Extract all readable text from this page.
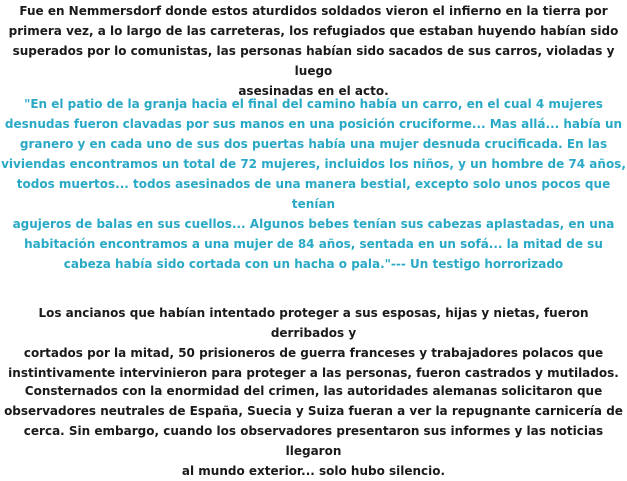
Fue en Nemmersdorf donde estos aturdidos soldados vieron el infierno en la tierra por
primera vez, a lo largo de las carreteras, los refugiados que estaban huyendo habían sido
superados por lo comunistas, las personas habían sido sacados de sus carros, violadas y luego
asesinadas en el acto.

"En el patio de la granja hacia el final del camino había un carro, en el cual 4 mujeres
desnudas fueron clavadas por sus manos en una posición cruciforme... Mas allá... había un
granero y en cada uno de sus dos puertas había una mujer desnuda crucificada. En las
viviendas encontramos un total de 72 mujeres, incluidos los niños, y un hombre de 74 años,
todos muertos... todos asesinados de una manera bestial, excepto solo unos pocos que tenían
agujeros de balas en sus cuellos... Algunos bebes tenían sus cabezas aplastadas, en una
habitación encontramos a una mujer de 84 años, sentada en un sofá... la mitad de su
cabeza había sido cortada con un hacha o pala."--- Un testigo horrorizado

Los ancianos que habían intentado proteger a sus esposas, hijas y nietas, fueron derribados y
cortados por la mitad, 50 prisioneros de guerra franceses y trabajadores polacos que
instintivamente intervinieron para proteger a las personas, fueron castrados y mutilados.

Consternados con la enormidad del crimen, las autoridades alemanas solicitaron que
observadores neutrales de España, Suecia y Suiza fueran a ver la repugnante carnicería de
cerca. Sin embargo, cuando los observadores presentaron sus informes y las noticias llegaron
al mundo exterior... solo hubo silencio.
